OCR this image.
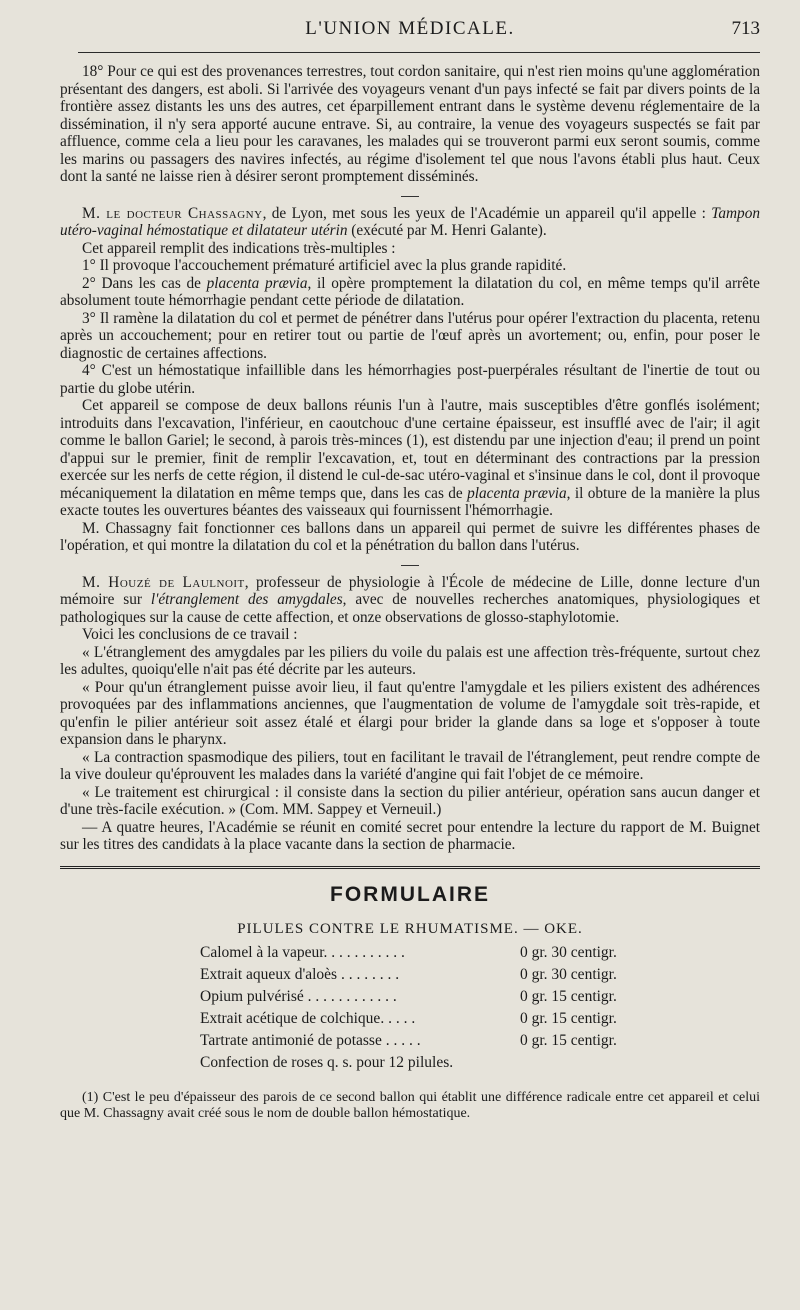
L'UNION MÉDICALE.	713

18° Pour ce qui est des provenances terrestres, tout cordon sanitaire, qui n'est rien moins qu'une agglomération présentant des dangers, est aboli. Si l'arrivée des voyageurs venant d'un pays infecté se fait par divers points de la frontière assez distants les uns des autres, cet éparpillement entrant dans le système devenu réglementaire de la dissémination, il n'y sera apporté aucune entrave. Si, au contraire, la venue des voyageurs suspectés se fait par affluence, comme cela a lieu pour les caravanes, les malades qui se trouveront parmi eux seront soumis, comme les marins ou passagers des navires infectés, au régime d'isolement tel que nous l'avons établi plus haut. Ceux dont la santé ne laisse rien à désirer seront promptement disséminés.

M. le docteur Chassagny, de Lyon, met sous les yeux de l'Académie un appareil qu'il appelle : Tampon utéro-vaginal hémostatique et dilatateur utérin (exécuté par M. Henri Galante).

Cet appareil remplit des indications très-multiples :

1° Il provoque l'accouchement prématuré artificiel avec la plus grande rapidité.

2° Dans les cas de placenta prævia, il opère promptement la dilatation du col, en même temps qu'il arrête absolument toute hémorrhagie pendant cette période de dilatation.

3° Il ramène la dilatation du col et permet de pénétrer dans l'utérus pour opérer l'extraction du placenta, retenu après un accouchement; pour en retirer tout ou partie de l'œuf après un avortement; ou, enfin, pour poser le diagnostic de certaines affections.

4° C'est un hémostatique infaillible dans les hémorrhagies post-puerpérales résultant de l'inertie de tout ou partie du globe utérin.

Cet appareil se compose de deux ballons réunis l'un à l'autre, mais susceptibles d'être gonflés isolément; introduits dans l'excavation, l'inférieur, en caoutchouc d'une certaine épaisseur, est insufflé avec de l'air; il agit comme le ballon Gariel; le second, à parois très-minces (1), est distendu par une injection d'eau; il prend un point d'appui sur le premier, finit de remplir l'excavation, et, tout en déterminant des contractions par la pression exercée sur les nerfs de cette région, il distend le cul-de-sac utéro-vaginal et s'insinue dans le col, dont il provoque mécaniquement la dilatation en même temps que, dans les cas de placenta prævia, il obture de la manière la plus exacte toutes les ouvertures béantes des vaisseaux qui fournissent l'hémorrhagie.

M. Chassagny fait fonctionner ces ballons dans un appareil qui permet de suivre les différentes phases de l'opération, et qui montre la dilatation du col et la pénétration du ballon dans l'utérus.

M. Houzé de Laulnoit, professeur de physiologie à l'École de médecine de Lille, donne lecture d'un mémoire sur l'étranglement des amygdales, avec de nouvelles recherches anatomiques, physiologiques et pathologiques sur la cause de cette affection, et onze observations de glosso-staphylotomie.

Voici les conclusions de ce travail :

« L'étranglement des amygdales par les piliers du voile du palais est une affection très-fréquente, surtout chez les adultes, quoiqu'elle n'ait pas été décrite par les auteurs.

« Pour qu'un étranglement puisse avoir lieu, il faut qu'entre l'amygdale et les piliers existent des adhérences provoquées par des inflammations anciennes, que l'augmentation de volume de l'amygdale soit très-rapide, et qu'enfin le pilier antérieur soit assez étalé et élargi pour brider la glande dans sa loge et s'opposer à toute expansion dans le pharynx.

« La contraction spasmodique des piliers, tout en facilitant le travail de l'étranglement, peut rendre compte de la vive douleur qu'éprouvent les malades dans la variété d'angine qui fait l'objet de ce mémoire.

« Le traitement est chirurgical : il consiste dans la section du pilier antérieur, opération sans aucun danger et d'une très-facile exécution. » (Com. MM. Sappey et Verneuil.)

— A quatre heures, l'Académie se réunit en comité secret pour entendre la lecture du rapport de M. Buignet sur les titres des candidats à la place vacante dans la section de pharmacie.

FORMULAIRE
PILULES CONTRE LE RHUMATISME. — OKE.
Calomel à la vapeur. . . . . . . . . . .	0 gr. 30 centigr.
Extrait aqueux d'aloès . . . . . . . .	0 gr. 30 centigr.
Opium pulvérisé . . . . . . . . . . . .	0 gr. 15 centigr.
Extrait acétique de colchique. . . . .	0 gr. 15 centigr.
Tartrate antimonié de potasse . . . . .	0 gr. 15 centigr.
Confection de roses q. s. pour 12 pilules.	

(1) C'est le peu d'épaisseur des parois de ce second ballon qui établit une différence radicale entre cet appareil et celui que M. Chassagny avait créé sous le nom de double ballon hémostatique.
